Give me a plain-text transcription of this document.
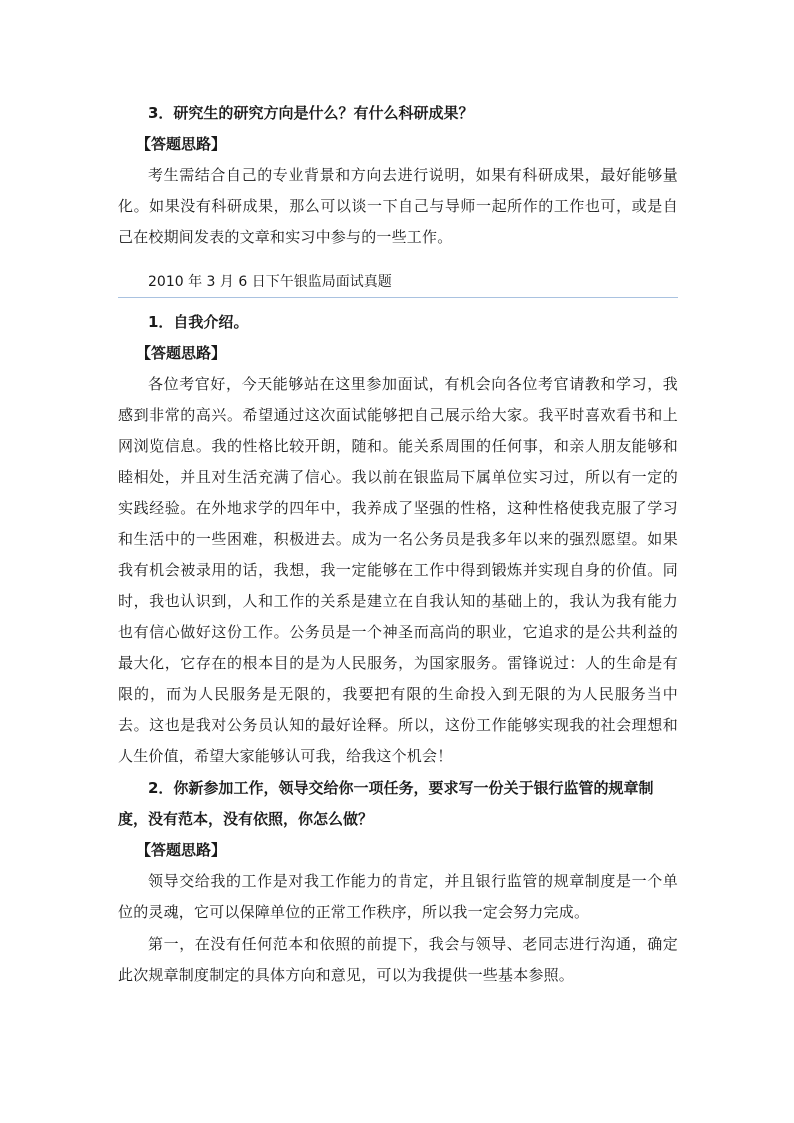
3．研究生的研究方向是什么？有什么科研成果？

【答题思路】

考生需结合自己的专业背景和方向去进行说明，如果有科研成果，最好能够量化。如果没有科研成果，那么可以谈一下自己与导师一起所作的工作也可，或是自己在校期间发表的文章和实习中参与的一些工作。

2010 年 3 月 6 日下午银监局面试真题

1．自我介绍。

【答题思路】

各位考官好，今天能够站在这里参加面试，有机会向各位考官请教和学习，我感到非常的高兴。希望通过这次面试能够把自己展示给大家。我平时喜欢看书和上网浏览信息。我的性格比较开朗，随和。能关系周围的任何事，和亲人朋友能够和睦相处，并且对生活充满了信心。我以前在银监局下属单位实习过，所以有一定的实践经验。在外地求学的四年中，我养成了坚强的性格，这种性格使我克服了学习和生活中的一些困难，积极进去。成为一名公务员是我多年以来的强烈愿望。如果我有机会被录用的话，我想，我一定能够在工作中得到锻炼并实现自身的价值。同时，我也认识到，人和工作的关系是建立在自我认知的基础上的，我认为我有能力也有信心做好这份工作。公务员是一个神圣而高尚的职业，它追求的是公共利益的最大化，它存在的根本目的是为人民服务，为国家服务。雷锋说过：人的生命是有限的，而为人民服务是无限的，我要把有限的生命投入到无限的为人民服务当中去。这也是我对公务员认知的最好诠释。所以，这份工作能够实现我的社会理想和人生价值，希望大家能够认可我，给我这个机会！

2．你新参加工作，领导交给你一项任务，要求写一份关于银行监管的规章制度，没有范本，没有依照，你怎么做？

【答题思路】

领导交给我的工作是对我工作能力的肯定，并且银行监管的规章制度是一个单位的灵魂，它可以保障单位的正常工作秩序，所以我一定会努力完成。

第一，在没有任何范本和依照的前提下，我会与领导、老同志进行沟通，确定此次规章制度制定的具体方向和意见，可以为我提供一些基本参照。
